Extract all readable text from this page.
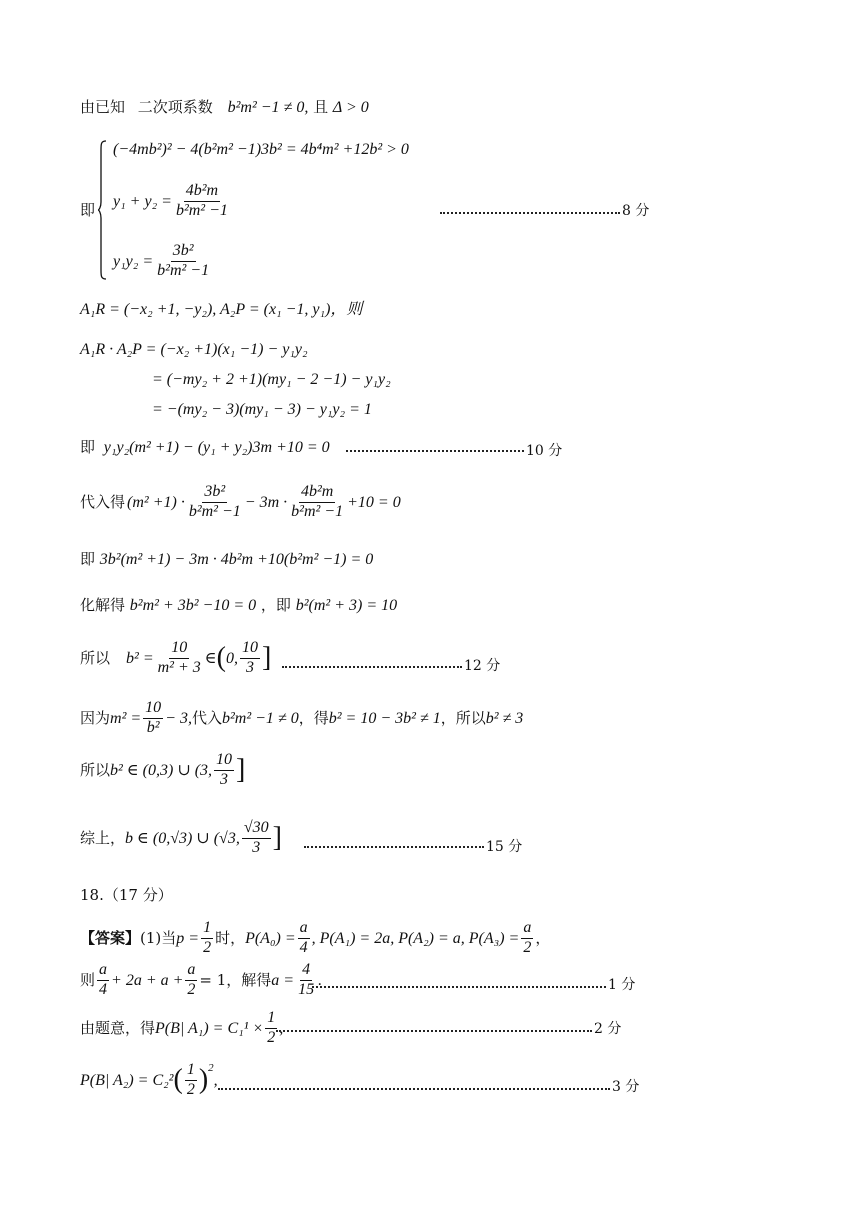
由已知 二次项系数 b²m² −1 ≠ 0, 且 Δ > 0
即
(−4mb²)² − 4(b²m² −1)3b² = 4b⁴m² +12b² > 0
$y_1 + y_2 = \frac{\text{4b²m}}{\text{b²m² −1}}$
$y_1y_2 = \frac{\text{3b²}}{\text{b²m² −1}}$
8 分
A₁R = (−x₂ +1, −y₂), A₂P = (x₁ −1, y₁)，则
A₁R · A₂P = (−x₂ +1)(x₁ −1) − y₁y₂
= (−my₂ + 2 +1)(my₁ − 2 −1) − y₁y₂
= −(my₂ − 3)(my₁ − 3) − y₁y₂ = 1
即 y₁y₂(m² +1) − (y₁ + y₂)3m +10 = 0	10 分
代入得 $(m^2 +1) \cdot \frac{\text{3b²}}{\text{b²m² −1}} - 3m \cdot \frac{\text{4b²m}}{\text{b²m² −1}} +10 = 0$
即 3b²(m² +1) − 3m · 4b²m +10(b²m² −1) = 0
化解得 b²m² + 3b² −10 = 0 ，即 b²(m² + 3) = 10
所以 $b^2 = \frac{10}{\text{m² + 3}}$ ∈ ( 0, $\frac{10}{3}$ ]	12 分
因为 $m^2 = \frac{10}{\text{b²}} - 3$, 代入 b²m² −1 ≠ 0 ，得 b² = 10 − 3b² ≠ 1 ，所以 b² ≠ 3
所以 b² ∈ (0,3) ∪ ( 3, $\frac{10}{3}$ ]
综上， b ∈ (0,√3) ∪ ( √3, $\frac{√30}{3}$ ]	15 分
18.（17 分）
【答案】 (1)当 $p = \frac{1}{2}$ 时， $P(A_0) = \frac{a}{4}$ , P(A₁) = 2a, P(A₂) = a, $P(A_3) = \frac{a}{2}$ ，
则 $\frac{a}{4} + 2a + a + \frac{a}{2} = 1$，解得 $a = \frac{4}{15}$ .	1 分
由题意，得 P(B| $A_1) = C_1^1 \times \frac{1}{2}$ ,	2 分
P(B| A₂) = C₂² ( $\frac{1}{2}$ ) 2
,	3 分
